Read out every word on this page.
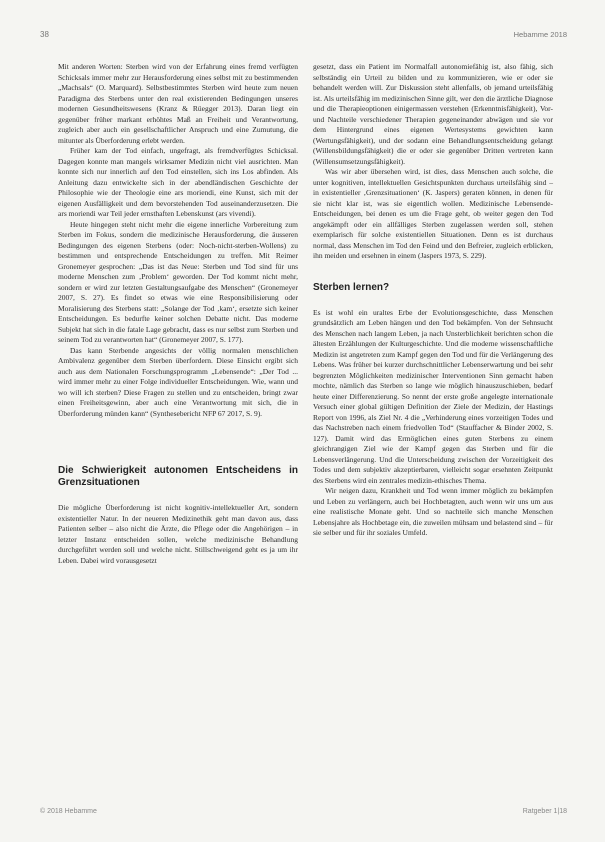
38	Hebamme 2018

Mit anderen Worten: Sterben wird von der Erfahrung eines fremd verfügten Schicksals immer mehr zur Herausforderung eines selbst mit zu bestimmenden „Machsals“ (O. Marquard). Selbstbestimmtes Sterben wird heute zum neuen Paradigma des Sterbens unter den real existierenden Bedingungen unseres modernen Gesundheitswesens (Kranz & Rüegger 2013). Daran liegt ein gegenüber früher markant erhöhtes Maß an Freiheit und Verantwortung, zugleich aber auch ein gesellschaftlicher Anspruch und eine Zumutung, die mitunter als Überforderung erlebt werden.

Früher kam der Tod einfach, ungefragt, als fremdverfügtes Schicksal. Dagegen konnte man mangels wirksamer Medizin nicht viel ausrichten. Man konnte sich nur innerlich auf den Tod einstellen, sich ins Los abfinden. Als Anleitung dazu entwickelte sich in der abendländischen Geschichte der Philosophie wie der Theologie eine ars moriendi, eine Kunst, sich mit der eigenen Ausfälligkeit und dem bevorstehenden Tod auseinanderzusetzen. Die ars moriendi war Teil jeder ernsthaften Lebenskunst (ars vivendi).

Heute hingegen steht nicht mehr die eigene innerliche Vorbereitung zum Sterben im Fokus, sondern die medizinische Herausforderung, die äusseren Bedingungen des eigenen Sterbens (oder: Noch-nicht-sterben-Wollens) zu bestimmen und entsprechende Entscheidungen zu treffen. Mit Reimer Gronemeyer gesprochen: „Das ist das Neue: Sterben und Tod sind für uns moderne Menschen zum ‚Problem‘ geworden. Der Tod kommt nicht mehr, sondern er wird zur letzten Gestaltungsaufgabe des Menschen“ (Gronemeyer 2007, S. 27). Es findet so etwas wie eine Responsibilisierung oder Moralisierung des Sterbens statt: „Solange der Tod ‚kam‘, ersetzte sich keiner Entscheidungen. Es bedurfte keiner solchen Debatte nicht. Das moderne Subjekt hat sich in die fatale Lage gebracht, dass es nur selbst zum Sterben und seinem Tod zu verantworten hat“ (Gronemeyer 2007, S. 177).

Das kann Sterbende angesichts der völlig normalen menschlichen Ambivalenz gegenüber dem Sterben überfordern. Diese Einsicht ergibt sich auch aus dem Nationalen Forschungsprogramm „Lebensende“: „Der Tod ... wird immer mehr zu einer Folge individueller Entscheidungen. Wie, wann und wo will ich sterben? Diese Fragen zu stellen und zu entscheiden, bringt zwar einen Freiheitsgewinn, aber auch eine Verantwortung mit sich, die in Überforderung münden kann“ (Synthesebericht NFP 67 2017, S. 9).

Die Schwierigkeit autonomen Entscheidens in Grenzsituationen

Die mögliche Überforderung ist nicht kognitiv-intellektueller Art, sondern existentieller Natur. In der neueren Medizinethik geht man davon aus, dass Patienten selber – also nicht die Ärzte, die Pflege oder die Angehörigen – in letzter Instanz entscheiden sollen, welche medizinische Behandlung durchgeführt werden soll und welche nicht. Stillschweigend geht es ja um ihr Leben. Dabei wird vorausgesetzt

gesetzt, dass ein Patient im Normalfall autonomiefähig ist, also fähig, sich selbständig ein Urteil zu bilden und zu kommunizieren, wie er oder sie behandelt werden will. Zur Diskussion steht allenfalls, ob jemand urteilsfähig ist. Als urteilsfähig im medizinischen Sinne gilt, wer den die ärztliche Diagnose und die Therapieoptionen einigermassen verstehen (Erkenntnisfähigkeit), Vor- und Nachteile verschiedener Therapien gegeneinander abwägen und sie vor dem Hintergrund eines eigenen Wertesystems gewichten kann (Wertungsfähigkeit), und der sodann eine Behandlungsentscheidung gelangt (Willensbildungsfähigkeit) die er oder sie gegenüber Dritten vertreten kann (Willensumsetzungsfähigkeit).

Was wir aber übersehen wird, ist dies, dass Menschen auch solche, die unter kognitiven, intellektuellen Gesichtspunkten durchaus urteilsfähig sind – in existentieller ‚Grenzsituationen‘ (K. Jaspers) geraten können, in denen für sie nicht klar ist, was sie eigentlich wollen. Medizinische Lebensende-Entscheidungen, bei denen es um die Frage geht, ob weiter gegen den Tod angekämpft oder ein allfälliges Sterben zugelassen werden soll, stehen exemplarisch für solche existentiellen Situationen. Denn es ist durchaus normal, dass Menschen im Tod den Feind und den Befreier, zugleich erblicken, ihn meiden und ersehnen in einem (Jaspers 1973, S. 229).

Sterben lernen?

Es ist wohl ein uraltes Erbe der Evolutionsgeschichte, dass Menschen grundsätzlich am Leben hängen und den Tod bekämpfen. Von der Sehnsucht des Menschen nach langem Leben, ja nach Unsterblichkeit berichten schon die ältesten Erzählungen der Kulturgeschichte. Und die moderne wissenschaftliche Medizin ist angetreten zum Kampf gegen den Tod und für die Verlängerung des Lebens. Was früher bei kurzer durchschnittlicher Lebenserwartung und bei sehr begrenzten Möglichkeiten medizinischer Interventionen Sinn gemacht haben mochte, nämlich das Sterben so lange wie möglich hinauszuschieben, bedarf heute einer Differenzierung. So nennt der erste große angelegte internationale Versuch einer global gültigen Definition der Ziele der Medizin, der Hastings Report von 1996, als Ziel Nr. 4 die „Verhinderung eines vorzeitigen Todes und das Nachstreben nach einem friedvollen Tod“ (Stauffacher & Binder 2002, S. 127). Damit wird das Ermöglichen eines guten Sterbens zu einem gleichrangigen Ziel wie der Kampf gegen das Sterben und für die Lebensverlängerung. Und die Unterscheidung zwischen der Vorzeitigkeit des Todes und dem subjektiv akzeptierbaren, vielleicht sogar ersehnten Zeitpunkt des Sterbens wird ein zentrales medizin-ethisches Thema.

Wir neigen dazu, Krankheit und Tod wenn immer möglich zu bekämpfen und Leben zu verlängern, auch bei Hochbetagten, auch wenn wir uns um aus eine realistische Monate geht. Und so nachteile sich manche Menschen Lebensjahre als Hochbetage ein, die zuweilen mühsam und belastend sind – für sie selber und für ihr soziales Umfeld.

© 2018 Hebamme	Ratgeber 1|18
